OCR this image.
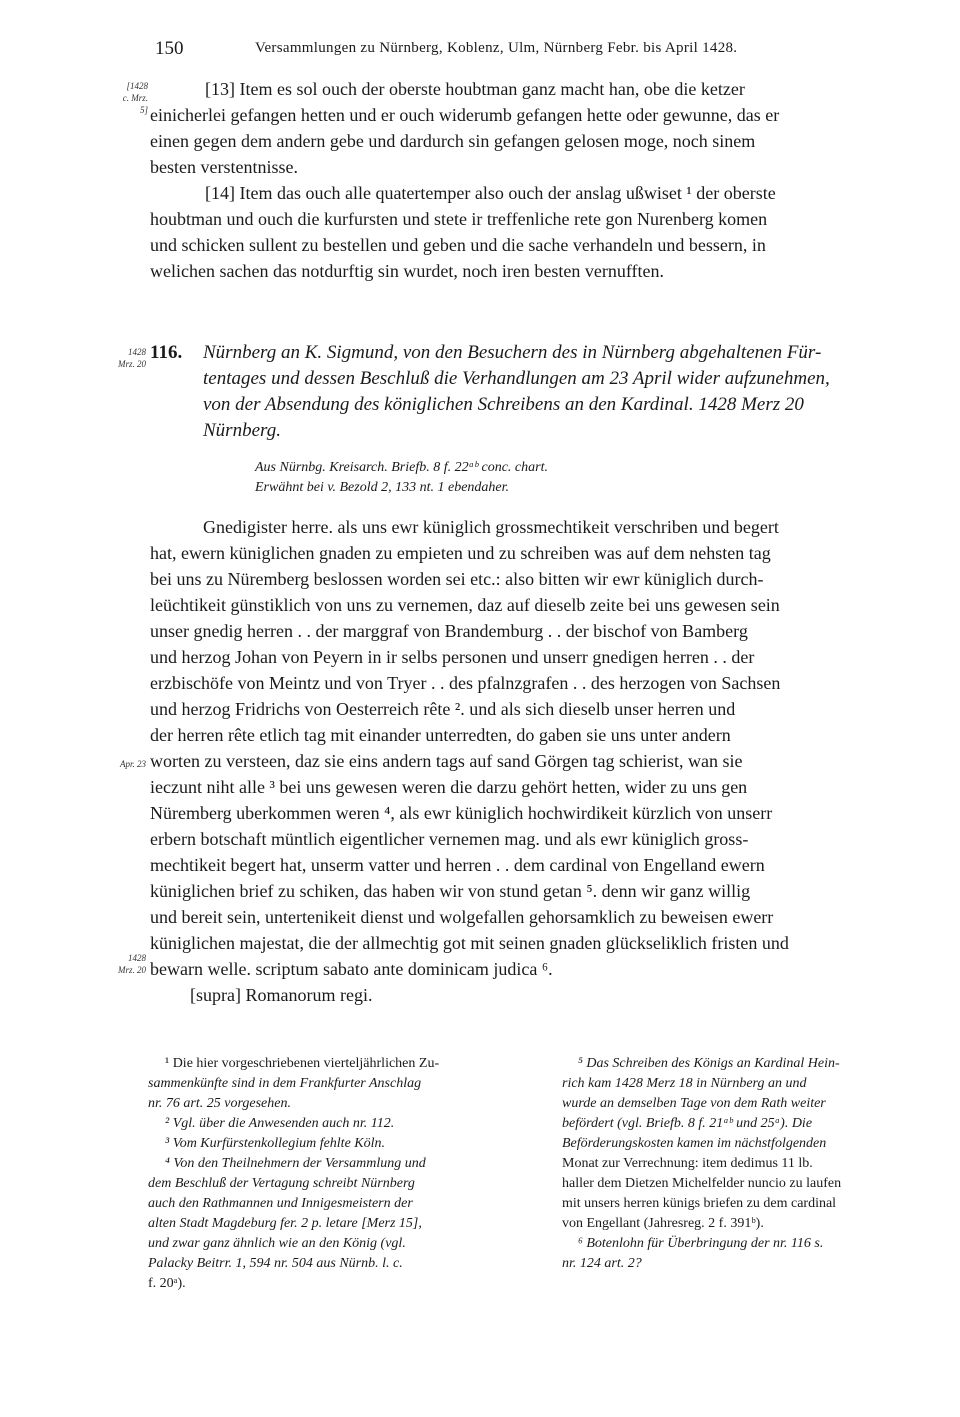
150	Versammlungen zu Nürnberg, Koblenz, Ulm, Nürnberg Febr. bis April 1428.
[1428
c. Mrz.
5]
1428
Mrz. 20
Apr. 23
1428
Mrz. 20
[13] Item es sol ouch der oberste houbtman ganz macht han, obe die ketzer
einicherlei gefangen hetten und er ouch widerumb gefangen hette oder gewunne, das er
einen gegen dem andern gebe und dardurch sin gefangen gelosen moge, noch sinem
besten verstentnisse.
[14] Item das ouch alle quatertemper also ouch der anslag ußwiset ¹ der oberste
houbtman und ouch die kurfursten und stete ir treffenliche rete gon Nurenberg komen
und schicken sullent zu bestellen und geben und die sache verhandeln und bessern, in
welichen sachen das notdurftig sin wurdet, noch iren besten vernufften.
116. Nürnberg an K. Sigmund, von den Besuchern des in Nürnberg abgehaltenen Für-
tentages und dessen Beschluß die Verhandlungen am 23 April wider aufzunehmen,
von der Absendung des königlichen Schreibens an den Kardinal. 1428 Merz 20
Nürnberg.
Aus Nürnbg. Kreisarch. Briefb. 8 f. 22ᵃᵇ conc. chart.
Erwähnt bei v. Bezold 2, 133 nt. 1 ebendaher.
Gnedigister herre. als uns ewr küniglich grossmechtikeit verschriben und begert
hat, ewern küniglichen gnaden zu empieten und zu schreiben was auf dem nehsten tag
bei uns zu Nüremberg beslossen worden sei etc.: also bitten wir ewr küniglich durch-
leüchtikeit günstiklich von uns zu vernemen, daz auf dieselb zeite bei uns gewesen sein
unser gnedig herren . . der marggraf von Brandemburg . . der bischof von Bamberg
und herzog Johan von Peyern in ir selbs personen und unserr gnedigen herren . . der
erzbischöfe von Meintz und von Tryer . . des pfalnzgrafen . . des herzogen von Sachsen
und herzog Fridrichs von Oesterreich rête ². und als sich dieselb unser herren und
der herren rête etlich tag mit einander unterredten, do gaben sie uns unter andern
worten zu versteen, daz sie eins andern tags auf sand Görgen tag schierist, wan sie
ieczunt niht alle ³ bei uns gewesen weren die darzu gehört hetten, wider zu uns gen
Nüremberg uberkommen weren ⁴, als ewr küniglich hochwirdikeit kürzlich von unserr
erbern botschaft müntlich eigentlicher vernemen mag. und als ewr küniglich gross-
mechtikeit begert hat, unserm vatter und herren . . dem cardinal von Engelland ewern
küniglichen brief zu schiken, das haben wir von stund getan ⁵. denn wir ganz willig
und bereit sein, untertenikeit dienst und wolgefallen gehorsamklich zu beweisen ewerr
küniglichen majestat, die der allmechtig got mit seinen gnaden glückseliklich fristen und
bewarn welle. scriptum sabato ante dominicam judica ⁶.
[supra] Romanorum regi.
¹ Die hier vorgeschriebenen vierteljährlichen Zu-
sammenkünfte sind in dem Frankfurter Anschlag
nr. 76 art. 25 vorgesehen.
² Vgl. über die Anwesenden auch nr. 112.
³ Vom Kurfürstenkollegium fehlte Köln.
⁴ Von den Theilnehmern der Versammlung und
dem Beschluß der Vertagung schreibt Nürnberg
auch den Rathmannen und Innigesmeistern der
alten Stadt Magdeburg fer. 2 p. letare [Merz 15],
und zwar ganz ähnlich wie an den König (vgl.
Palacky Beitrr. 1, 594 nr. 504 aus Nürnb. l. c.
f. 20ᵃ).
⁵ Das Schreiben des Königs an Kardinal Hein-
rich kam 1428 Merz 18 in Nürnberg an und
wurde an demselben Tage von dem Rath weiter
befördert (vgl. Briefb. 8 f. 21ᵃᵇ und 25ᵃ). Die
Beförderungskosten kamen im nächstfolgenden
Monat zur Verrechnung: item dedimus 11 lb.
haller dem Dietzen Michelfelder nuncio zu laufen
mit unsers herren künigs briefen zu dem cardinal
von Engellant (Jahresreg. 2 f. 391ᵇ).
⁶ Botenlohn für Überbringung der nr. 116 s.
nr. 124 art. 2?
